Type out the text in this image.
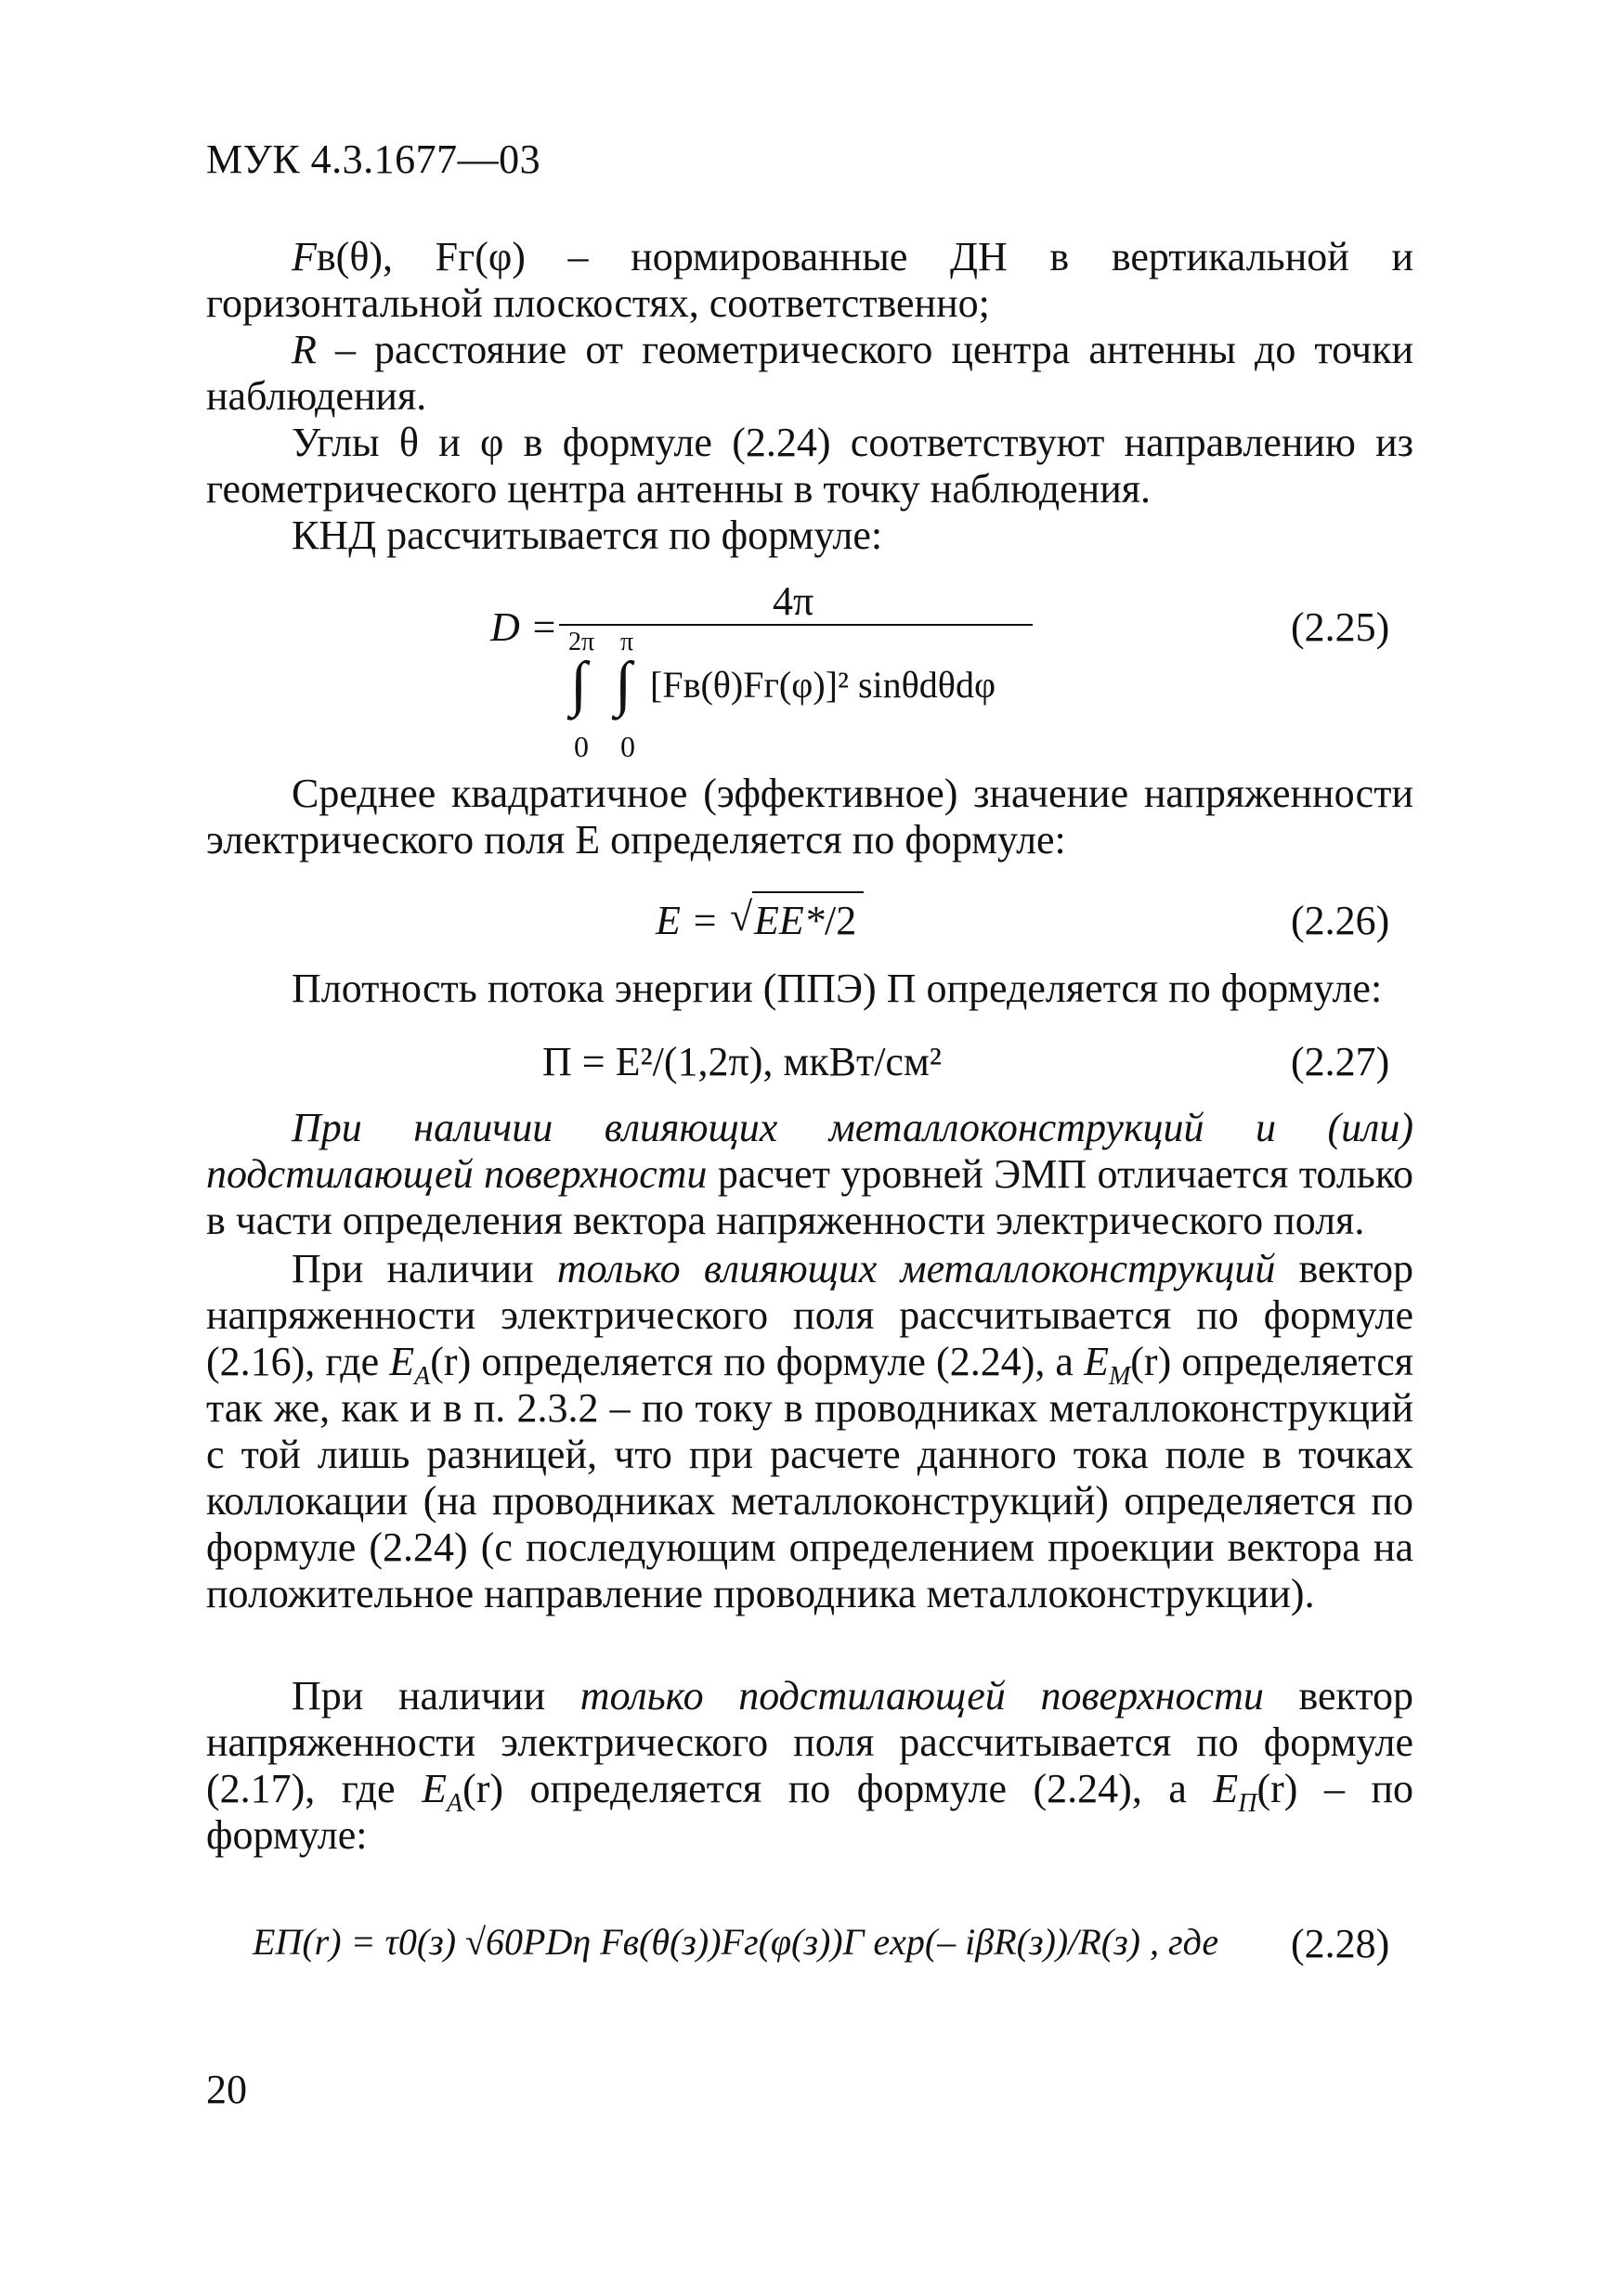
МУК 4.3.1677—03

Fв(θ), Fг(φ) – нормированные ДН в вертикальной и горизонтальной плоскостях, соответственно;

R – расстояние от геометрического центра антенны до точки наблюдения.

Углы θ и φ в формуле (2.24) соответствуют направлению из геометрического центра антенны в точку наблюдения.

КНД рассчитывается по формуле:

D =
4π
2π π
∫ ∫ [Fв(θ)Fг(φ)]² sinθdθdφ
0 0
(2.25)

Среднее квадратичное (эффективное) значение напряженности электрического поля E определяется по формуле:

E = √ EE* /2	(2.26)

Плотность потока энергии (ППЭ) П определяется по формуле:

П = E²/(1,2π), мкВт/см²	(2.27)

При наличии влияющих металлоконструкций и (или) подстилающей поверхности расчет уровней ЭМП отличается только в части определения вектора напряженности электрического поля.

При наличии только влияющих металлоконструкций вектор напряженности электрического поля рассчитывается по формуле (2.16), где $E_A(r)$ определяется по формуле (2.24), а $E_M(r)$ определяется так же, как и в п. 2.3.2 – по току в проводниках металлоконструкций с той лишь разницей, что при расчете данного тока поле в точках коллокации (на проводниках металлоконструкций) определяется по формуле (2.24) (с последующим определением проекции вектора на положительное направление проводника металлоконструкции).

При наличии только подстилающей поверхности вектор напряженности электрического поля рассчитывается по формуле (2.17), где $E_A(r)$ определяется по формуле (2.24), а $E_П(r)$ – по формуле:

EП(r) = τ0(з) √60PDη Fв(θ(з))Fг(φ(з))Г exp(– iβR(з))/R(з) , где (2.28)
20
